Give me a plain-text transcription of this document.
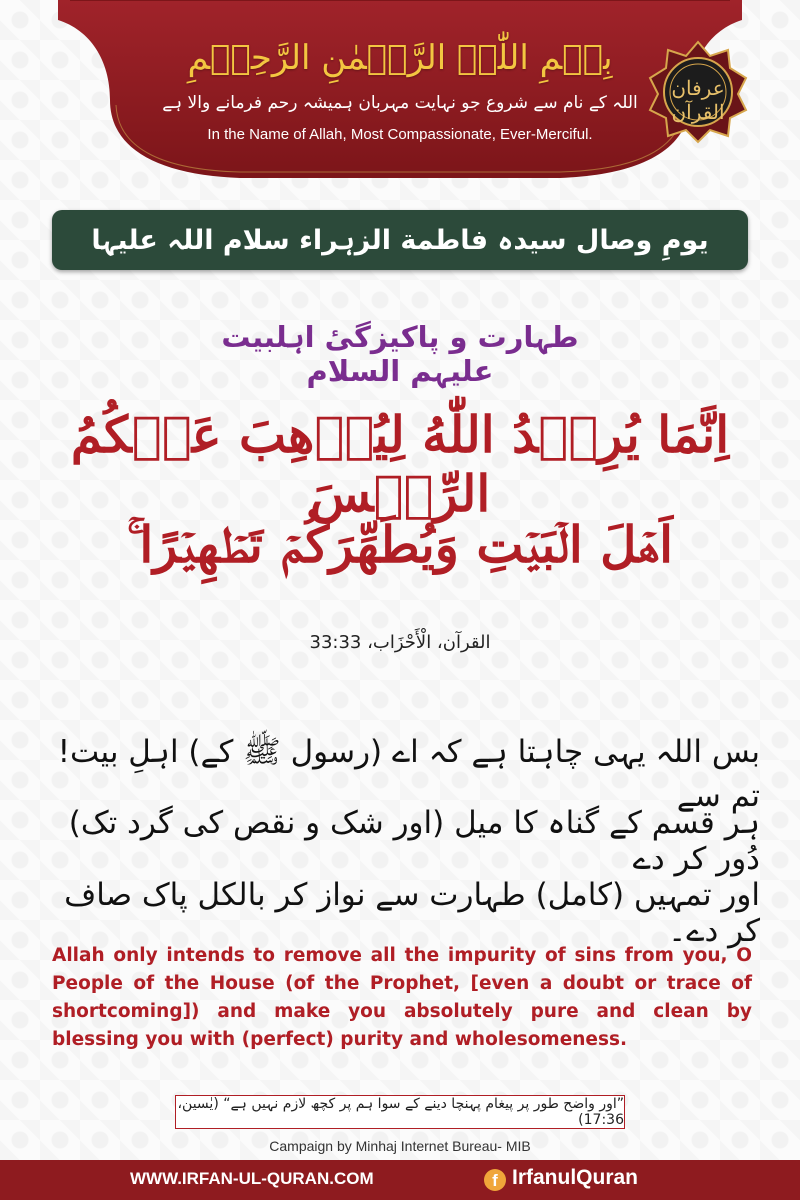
بِسۡمِ اللّٰہِ الرَّحۡمٰنِ الرَّحِیۡمِ
اللہ کے نام سے شروع جو نہایت مہربان ہمیشہ رحم فرمانے والا ہے
In the Name of Allah, Most Compassionate, Ever-Merciful.
عرفان القرآن
یومِ وصال سیدہ فاطمة الزہراء سلام اللہ علیہا
طہارت و پاکیزگیٔ اہلبیت علیہم السلام
اِنَّمَا يُرِيۡدُ اللّٰهُ لِيُذۡهِبَ عَنۡكُمُ الرِّجۡسَ
اَهۡلَ الۡبَيۡتِ وَيُطَهِّرَكُمۡ تَطۡهِيۡرًا ۚ
القرآن، الْأَحْزَاب، 33:33
بس اللہ یہی چاہتا ہے کہ اے (رسول ﷺ کے) اہلِ بیت! تم سے
ہر قسم کے گناہ کا میل (اور شک و نقص کی گرد تک) دُور کر دے
اور تمہیں (کامل) طہارت سے نواز کر بالکل پاک صاف کر دے۔
Allah only intends to remove all the impurity of sins from you, O People of the House (of the Prophet, [even a doubt or trace of shortcoming]) and make you absolutely pure and clean by blessing you with (perfect) purity and wholesomeness.
”اور واضح طور پر پیغام پہنچا دینے کے سوا ہم پر کچھ لازم نہیں ہے“ (یٰسین، 17:36)
Campaign by Minhaj Internet Bureau- MIB
WWW.IRFAN-UL-QURAN.COM	f IrfanulQuran
